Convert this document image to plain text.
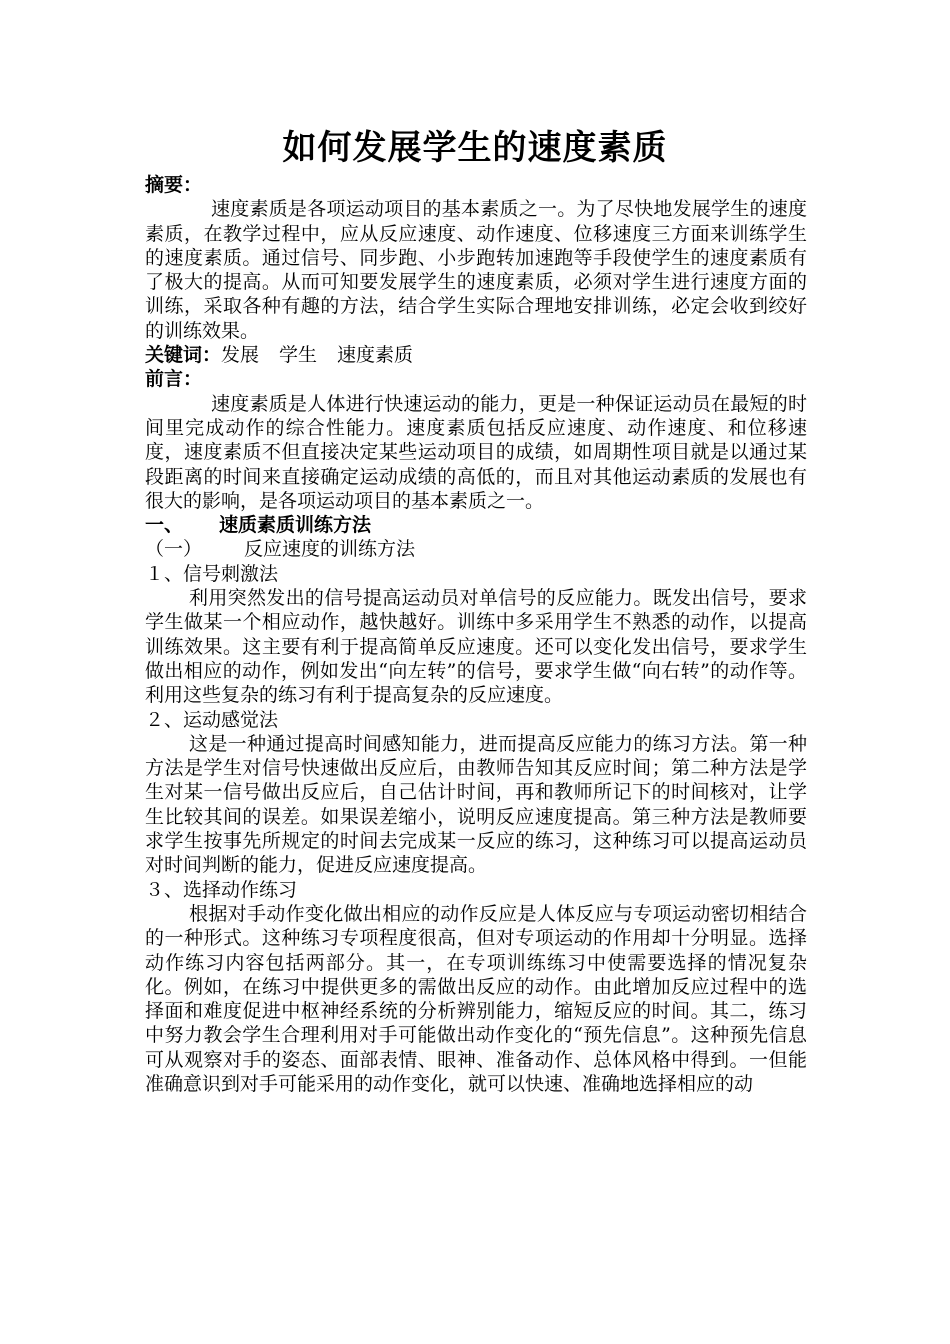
如何发展学生的速度素质

摘要：

速度素质是各项运动项目的基本素质之一。为了尽快地发展学生的速度素质，在教学过程中，应从反应速度、动作速度、位移速度三方面来训练学生的速度素质。通过信号、同步跑、小步跑转加速跑等手段使学生的速度素质有了极大的提高。从而可知要发展学生的速度素质，必须对学生进行速度方面的训练，采取各种有趣的方法，结合学生实际合理地安排训练，必定会收到绞好的训练效果。

关键词：发展 学生 速度素质

前言：

速度素质是人体进行快速运动的能力，更是一种保证运动员在最短的时间里完成动作的综合性能力。速度素质包括反应速度、动作速度、和位移速度，速度素质不但直接决定某些运动项目的成绩，如周期性项目就是以通过某段距离的时间来直接确定运动成绩的高低的，而且对其他运动素质的发展也有很大的影响，是各项运动项目的基本素质之一。

一、 速质素质训练方法

（一） 反应速度的训练方法

１、信号刺激法

利用突然发出的信号提高运动员对单信号的反应能力。既发出信号，要求学生做某一个相应动作，越快越好。训练中多采用学生不熟悉的动作，以提高训练效果。这主要有利于提高简单反应速度。还可以变化发出信号，要求学生做出相应的动作，例如发出“向左转”的信号，要求学生做“向右转”的动作等。利用这些复杂的练习有利于提高复杂的反应速度。

２、运动感觉法

这是一种通过提高时间感知能力，进而提高反应能力的练习方法。第一种方法是学生对信号快速做出反应后，由教师告知其反应时间；第二种方法是学生对某一信号做出反应后，自己估计时间，再和教师所记下的时间核对，让学生比较其间的误差。如果误差缩小，说明反应速度提高。第三种方法是教师要求学生按事先所规定的时间去完成某一反应的练习，这种练习可以提高运动员对时间判断的能力，促进反应速度提高。

３、选择动作练习

根据对手动作变化做出相应的动作反应是人体反应与专项运动密切相结合的一种形式。这种练习专项程度很高，但对专项运动的作用却十分明显。选择动作练习内容包括两部分。其一，在专项训练练习中使需要选择的情况复杂化。例如，在练习中提供更多的需做出反应的动作。由此增加反应过程中的选择面和难度促进中枢神经系统的分析辨别能力，缩短反应的时间。其二，练习中努力教会学生合理利用对手可能做出动作变化的“预先信息”。这种预先信息可从观察对手的姿态、面部表情、眼神、准备动作、总体风格中得到。一但能准确意识到对手可能采用的动作变化，就可以快速、准确地选择相应的动
